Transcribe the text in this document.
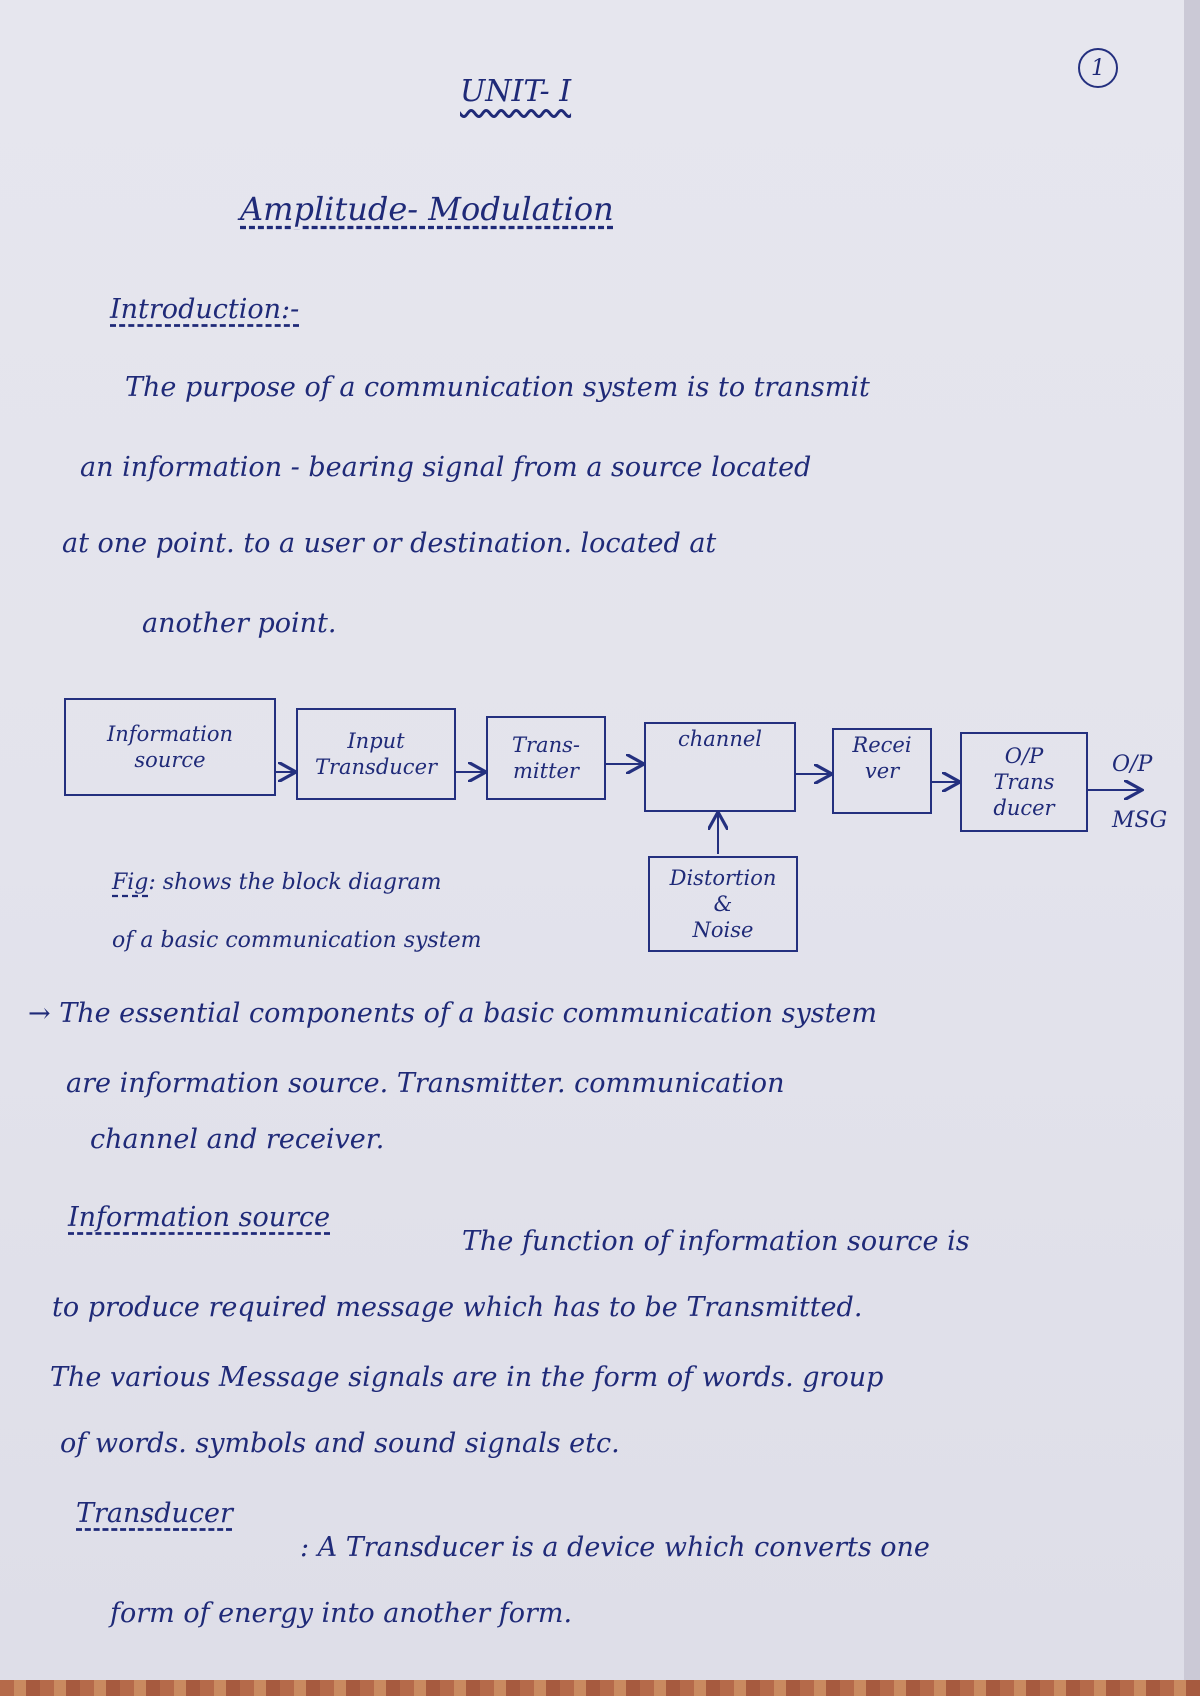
1
UNIT- I
Amplitude- Modulation
Introduction:-
The purpose of a communication system is to transmit
an information - bearing signal from a source located
at one point. to a user or destination. located at
another point.
Information
source
Input
Transducer
Trans-
mitter
channel	Recei
ver
O/P
Trans
ducer
Distortion
&
Noise
O/P
MSG
Fig: shows the block diagram
of a basic communication system
→ The essential components of a basic communication system
are information source. Transmitter. communication
channel and receiver.
Information source
The function of information source is
to produce required message which has to be Transmitted.
The various Message signals are in the form of words. group
of words. symbols and sound signals etc.
Transducer
: A Transducer is a device which converts one
form of energy into another form.
